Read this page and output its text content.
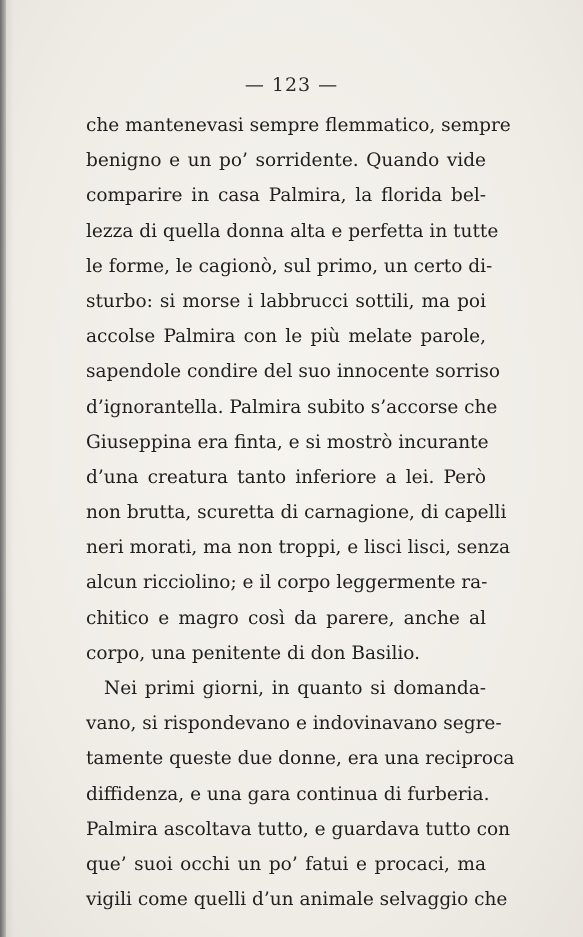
— 123 —
che mantenevasi sempre flemmatico, sempre
benigno e un po’ sorridente. Quando vide
comparire in casa Palmira, la florida bel-
lezza di quella donna alta e perfetta in tutte
le forme, le cagionò, sul primo, un certo di-
sturbo: si morse i labbrucci sottili, ma poi
accolse Palmira con le più melate parole,
sapendole condire del suo innocente sorriso
d’ignorantella. Palmira subito s’accorse che
Giuseppina era finta, e si mostrò incurante
d’una creatura tanto inferiore a lei. Però
non brutta, scuretta di carnagione, di capelli
neri morati, ma non troppi, e lisci lisci, senza
alcun ricciolino; e il corpo leggermente ra-
chitico e magro così da parere, anche al
corpo, una penitente di don Basilio.
Nei primi giorni, in quanto si domanda-
vano, si rispondevano e indovinavano segre-
tamente queste due donne, era una reciproca
diffidenza, e una gara continua di furberia.
Palmira ascoltava tutto, e guardava tutto con
que’ suoi occhi un po’ fatui e procaci, ma
vigili come quelli d’un animale selvaggio che
